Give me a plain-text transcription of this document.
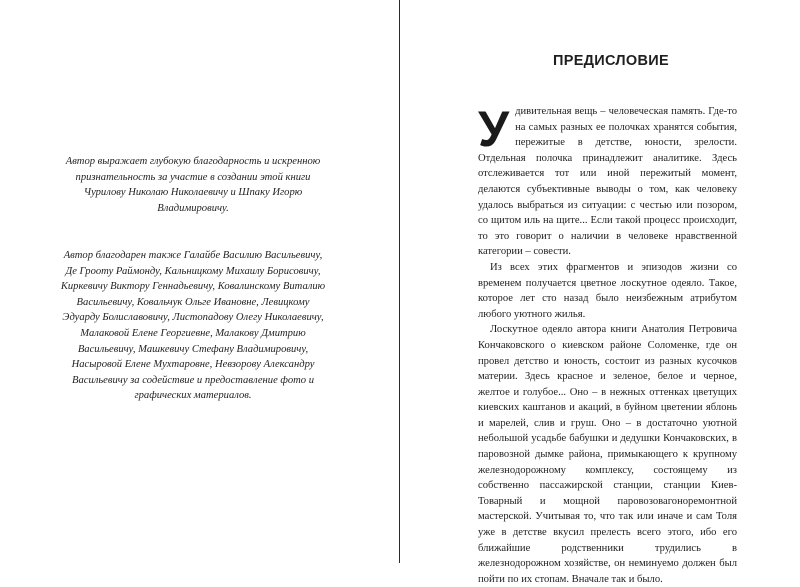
Автор выражает глубокую благодарность и искренною признательность за участие в создании этой книги Чурилову Николаю Николаевичу и Шпаку Игорю Владимировичу.

Автор благодарен также Галайбе Василию Васильевичу, Де Грооту Раймонду, Кальницкому Михаилу Борисовичу, Киркевичу Виктору Геннадьевичу, Ковалинскому Виталию Васильевичу, Ковальчук Ольге Ивановне, Левицкому Эдуарду Болиславовичу, Листопадову Олегу Николаевичу, Малаковой Елене Георгиевне, Малакову Дмитрию Васильевичу, Машкевичу Стефану Владимировичу, Насыровой Елене Мухтаровне, Невзорову Александру Васильевичу за содействие и предоставление фото и графических материалов.

ПРЕДИСЛОВИЕ
У дивительная вещь – человеческая память. Где-то на самых разных ее полочках хранятся события, пережитые в детстве, юности, зрелости. Отдельная полочка принадлежит аналитике. Здесь отслеживается тот или иной пережитый момент, делаются субъективные выводы о том, как человеку удалось выбраться из ситуации: с честью или позором, со щитом иль на щите... Если такой процесс происходит, то это говорит о наличии в человеке нравственной категории – совести.

Из всех этих фрагментов и эпизодов жизни со временем получается цветное лоскутное одеяло. Такое, которое лет сто назад было неизбежным атрибутом любого уютного жилья.

Лоскутное одеяло автора книги Анатолия Петровича Кончаковского о киевском районе Соломенке, где он провел детство и юность, состоит из разных кусочков материи. Здесь красное и зеленое, белое и черное, желтое и голубое... Оно – в нежных оттенках цветущих киевских каштанов и акаций, в буйном цветении яблонь и марелей, слив и груш. Оно – в достаточно уютной небольшой усадьбе бабушки и дедушки Кончаковских, в паровозной дымке района, примыкающего к крупному железнодорожному комплексу, состоящему из собственно пассажирской станции, станции Киев-Товарный и мощной паровозовагоноремонтной мастерской. Учитывая то, что так или иначе и сам Толя уже в детстве вкусил прелесть всего этого, ибо его ближайшие родственники трудились в железнодорожном хозяйстве, он неминуемо должен был пойти по их стопам. Вначале так и было.
